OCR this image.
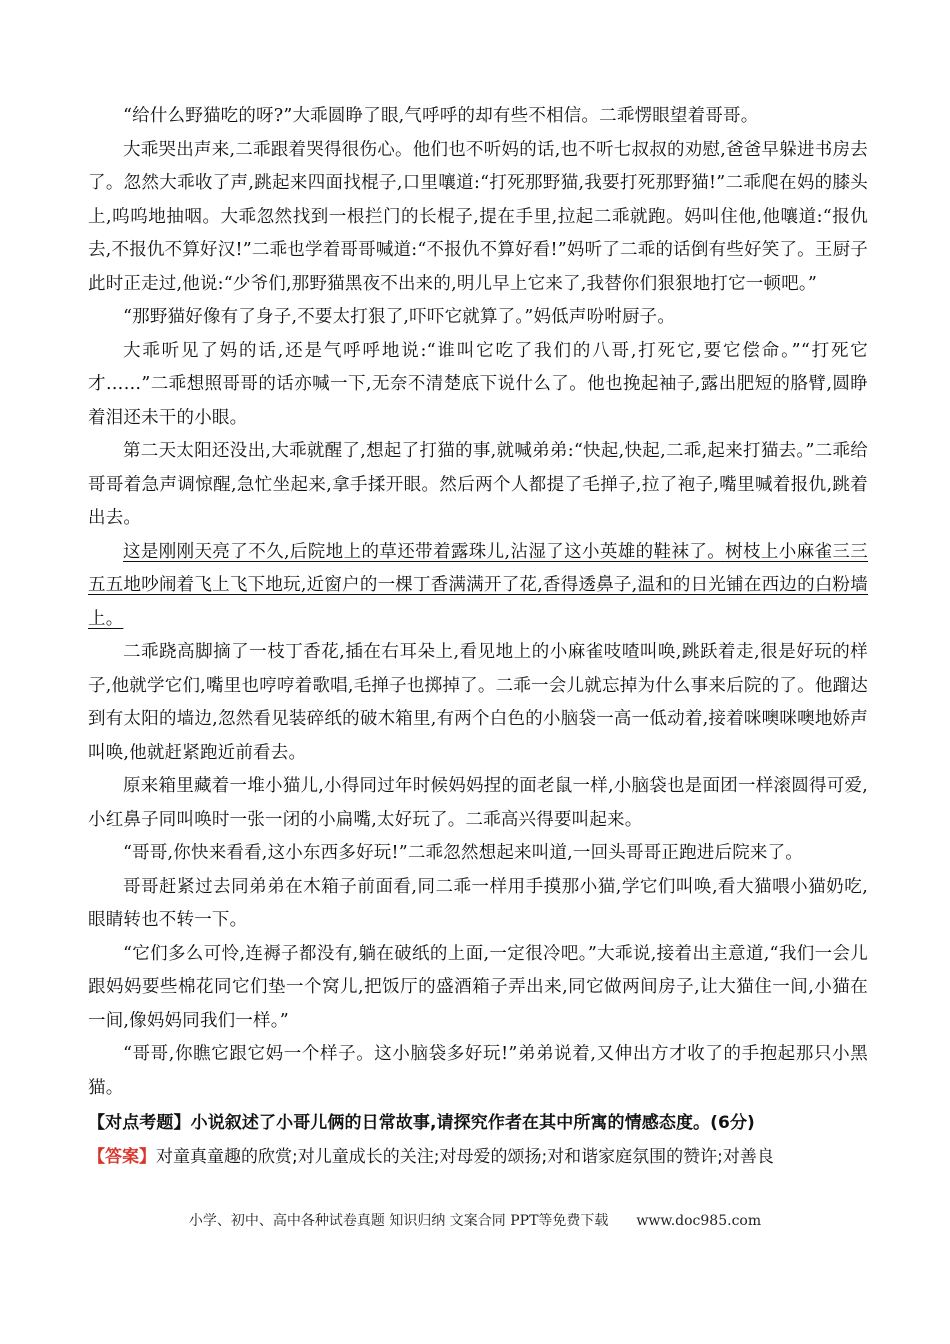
“给什么野猫吃的呀?”大乖圆睁了眼,气呼呼的却有些不相信。二乖愣眼望着哥哥。

大乖哭出声来,二乖跟着哭得很伤心。他们也不听妈的话,也不听七叔叔的劝慰,爸爸早躲进书房去了。忽然大乖收了声,跳起来四面找棍子,口里嚷道:“打死那野猫,我要打死那野猫!”二乖爬在妈的膝头上,呜呜地抽咽。大乖忽然找到一根拦门的长棍子,提在手里,拉起二乖就跑。妈叫住他,他嚷道:“报仇去,不报仇不算好汉!”二乖也学着哥哥喊道:“不报仇不算好看!”妈听了二乖的话倒有些好笑了。王厨子此时正走过,他说:“少爷们,那野猫黑夜不出来的,明儿早上它来了,我替你们狠狠地打它一顿吧。”

“那野猫好像有了身子,不要太打狠了,吓吓它就算了。”妈低声吩咐厨子。

大乖听见了妈的话,还是气呼呼地说:“谁叫它吃了我们的八哥,打死它,要它偿命。”“打死它才……”二乖想照哥哥的话亦喊一下,无奈不清楚底下说什么了。他也挽起袖子,露出肥短的胳臂,圆睁着泪还未干的小眼。

第二天太阳还没出,大乖就醒了,想起了打猫的事,就喊弟弟:“快起,快起,二乖,起来打猫去。”二乖给哥哥着急声调惊醒,急忙坐起来,拿手揉开眼。然后两个人都提了毛掸子,拉了袍子,嘴里喊着报仇,跳着出去。

这是刚刚天亮了不久,后院地上的草还带着露珠儿,沾湿了这小英雄的鞋袜了。树枝上小麻雀三三五五地吵闹着飞上飞下地玩,近窗户的一棵丁香满满开了花,香得透鼻子,温和的日光铺在西边的白粉墙上。

二乖跷高脚摘了一枝丁香花,插在右耳朵上,看见地上的小麻雀吱喳叫唤,跳跃着走,很是好玩的样子,他就学它们,嘴里也哼哼着歌唱,毛掸子也掷掉了。二乖一会儿就忘掉为什么事来后院的了。他蹓达到有太阳的墙边,忽然看见装碎纸的破木箱里,有两个白色的小脑袋一高一低动着,接着咪噢咪噢地娇声叫唤,他就赶紧跑近前看去。

原来箱里藏着一堆小猫儿,小得同过年时候妈妈捏的面老鼠一样,小脑袋也是面团一样滚圆得可爱,小红鼻子同叫唤时一张一闭的小扁嘴,太好玩了。二乖高兴得要叫起来。

“哥哥,你快来看看,这小东西多好玩!”二乖忽然想起来叫道,一回头哥哥正跑进后院来了。

哥哥赶紧过去同弟弟在木箱子前面看,同二乖一样用手摸那小猫,学它们叫唤,看大猫喂小猫奶吃,眼睛转也不转一下。

“它们多么可怜,连褥子都没有,躺在破纸的上面,一定很冷吧。”大乖说,接着出主意道,“我们一会儿跟妈妈要些棉花同它们垫一个窝儿,把饭厅的盛酒箱子弄出来,同它做两间房子,让大猫住一间,小猫在一间,像妈妈同我们一样。”

“哥哥,你瞧它跟它妈一个样子。这小脑袋多好玩!”弟弟说着,又伸出方才收了的手抱起那只小黑猫。

【对点考题】小说叙述了小哥儿俩的日常故事,请探究作者在其中所寓的情感态度。(6分)

【答案】对童真童趣的欣赏;对儿童成长的关注;对母爱的颂扬;对和谐家庭氛围的赞许;对善良

小学、初中、高中各种试卷真题 知识归纳 文案合同 PPT等免费下载 www.doc985.com
